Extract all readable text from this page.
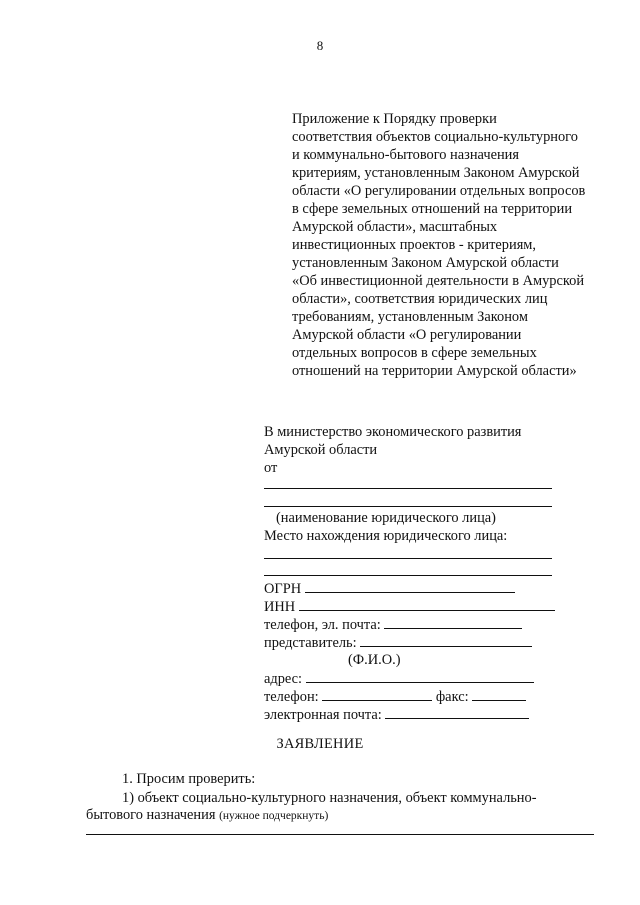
8
Приложение к Порядку проверки
соответствия объектов социально-культурного
и коммунально-бытового назначения
критериям, установленным Законом Амурской
области «О регулировании отдельных вопросов
в сфере земельных отношений на территории
Амурской области», масштабных
инвестиционных проектов - критериям,
установленным Законом Амурской области
«Об инвестиционной деятельности в Амурской
области», соответствия юридических лиц
требованиям, установленным Законом
Амурской области «О регулировании
отдельных вопросов в сфере земельных
отношений на территории Амурской области»
В министерство экономического развития
Амурской области
от
(наименование юридического лица)
Место нахождения юридического лица:
ОГРН
ИНН
телефон, эл. почта:
представитель:
(Ф.И.О.)
адрес:
телефон:	факс:
электронная почта:
ЗАЯВЛЕНИЕ
1. Просим проверить:
1) объект социально-культурного назначения, объект коммунально-
бытового назначения (нужное подчеркнуть)
